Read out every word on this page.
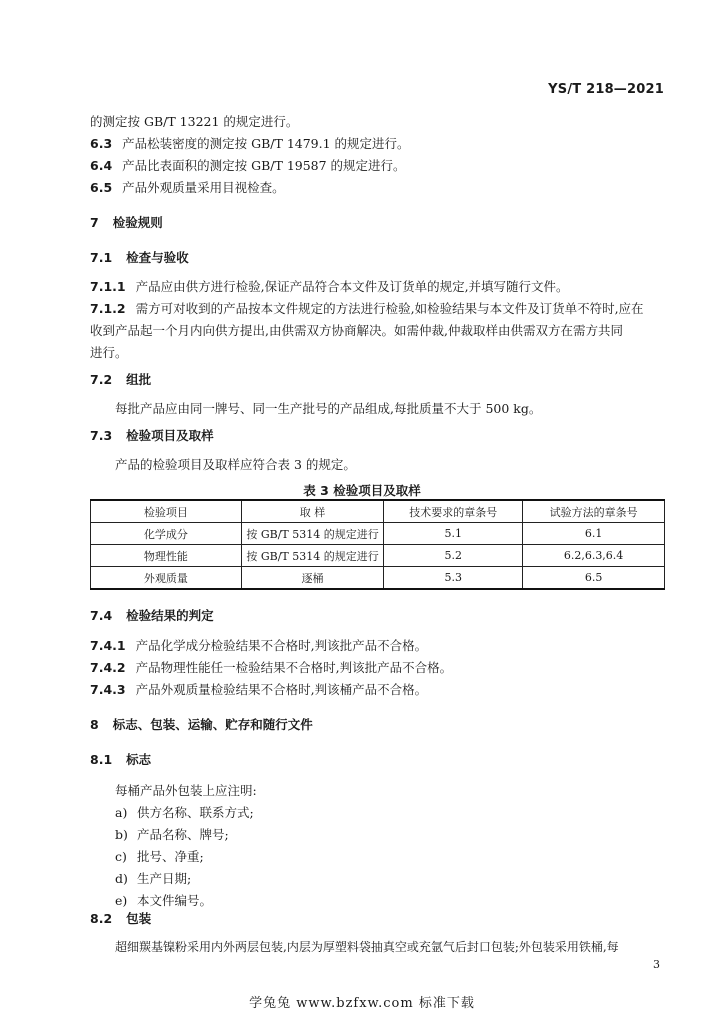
YS/T 218—2021
的测定按 GB/T 13221 的规定进行。
6.3 产品松装密度的测定按 GB/T 1479.1 的规定进行。
6.4 产品比表面积的测定按 GB/T 19587 的规定进行。
6.5 产品外观质量采用目视检查。
7 检验规则
7.1 检查与验收
7.1.1 产品应由供方进行检验,保证产品符合本文件及订货单的规定,并填写随行文件。
7.1.2 需方可对收到的产品按本文件规定的方法进行检验,如检验结果与本文件及订货单不符时,应在
收到产品起一个月内向供方提出,由供需双方协商解决。如需仲裁,仲裁取样由供需双方在需方共同
进行。
7.2 组批
每批产品应由同一牌号、同一生产批号的产品组成,每批质量不大于 500 kg。
7.3 检验项目及取样
产品的检验项目及取样应符合表 3 的规定。
表 3 检验项目及取样
检验项目	取 样	技术要求的章条号	试验方法的章条号
化学成分	按 GB/T 5314 的规定进行	5.1	6.1
物理性能	按 GB/T 5314 的规定进行	5.2	6.2,6.3,6.4
外观质量	逐桶	5.3	6.5
7.4 检验结果的判定
7.4.1 产品化学成分检验结果不合格时,判该批产品不合格。
7.4.2 产品物理性能任一检验结果不合格时,判该批产品不合格。
7.4.3 产品外观质量检验结果不合格时,判该桶产品不合格。
8 标志、包装、运输、贮存和随行文件
8.1 标志
每桶产品外包装上应注明:
a) 供方名称、联系方式;
b) 产品名称、牌号;
c) 批号、净重;
d) 生产日期;
e) 本文件编号。
8.2 包装
超细羰基镍粉采用内外两层包装,内层为厚塑料袋抽真空或充氩气后封口包装;外包装采用铁桶,每
3
学兔兔 www.bzfxw.com 标准下载
